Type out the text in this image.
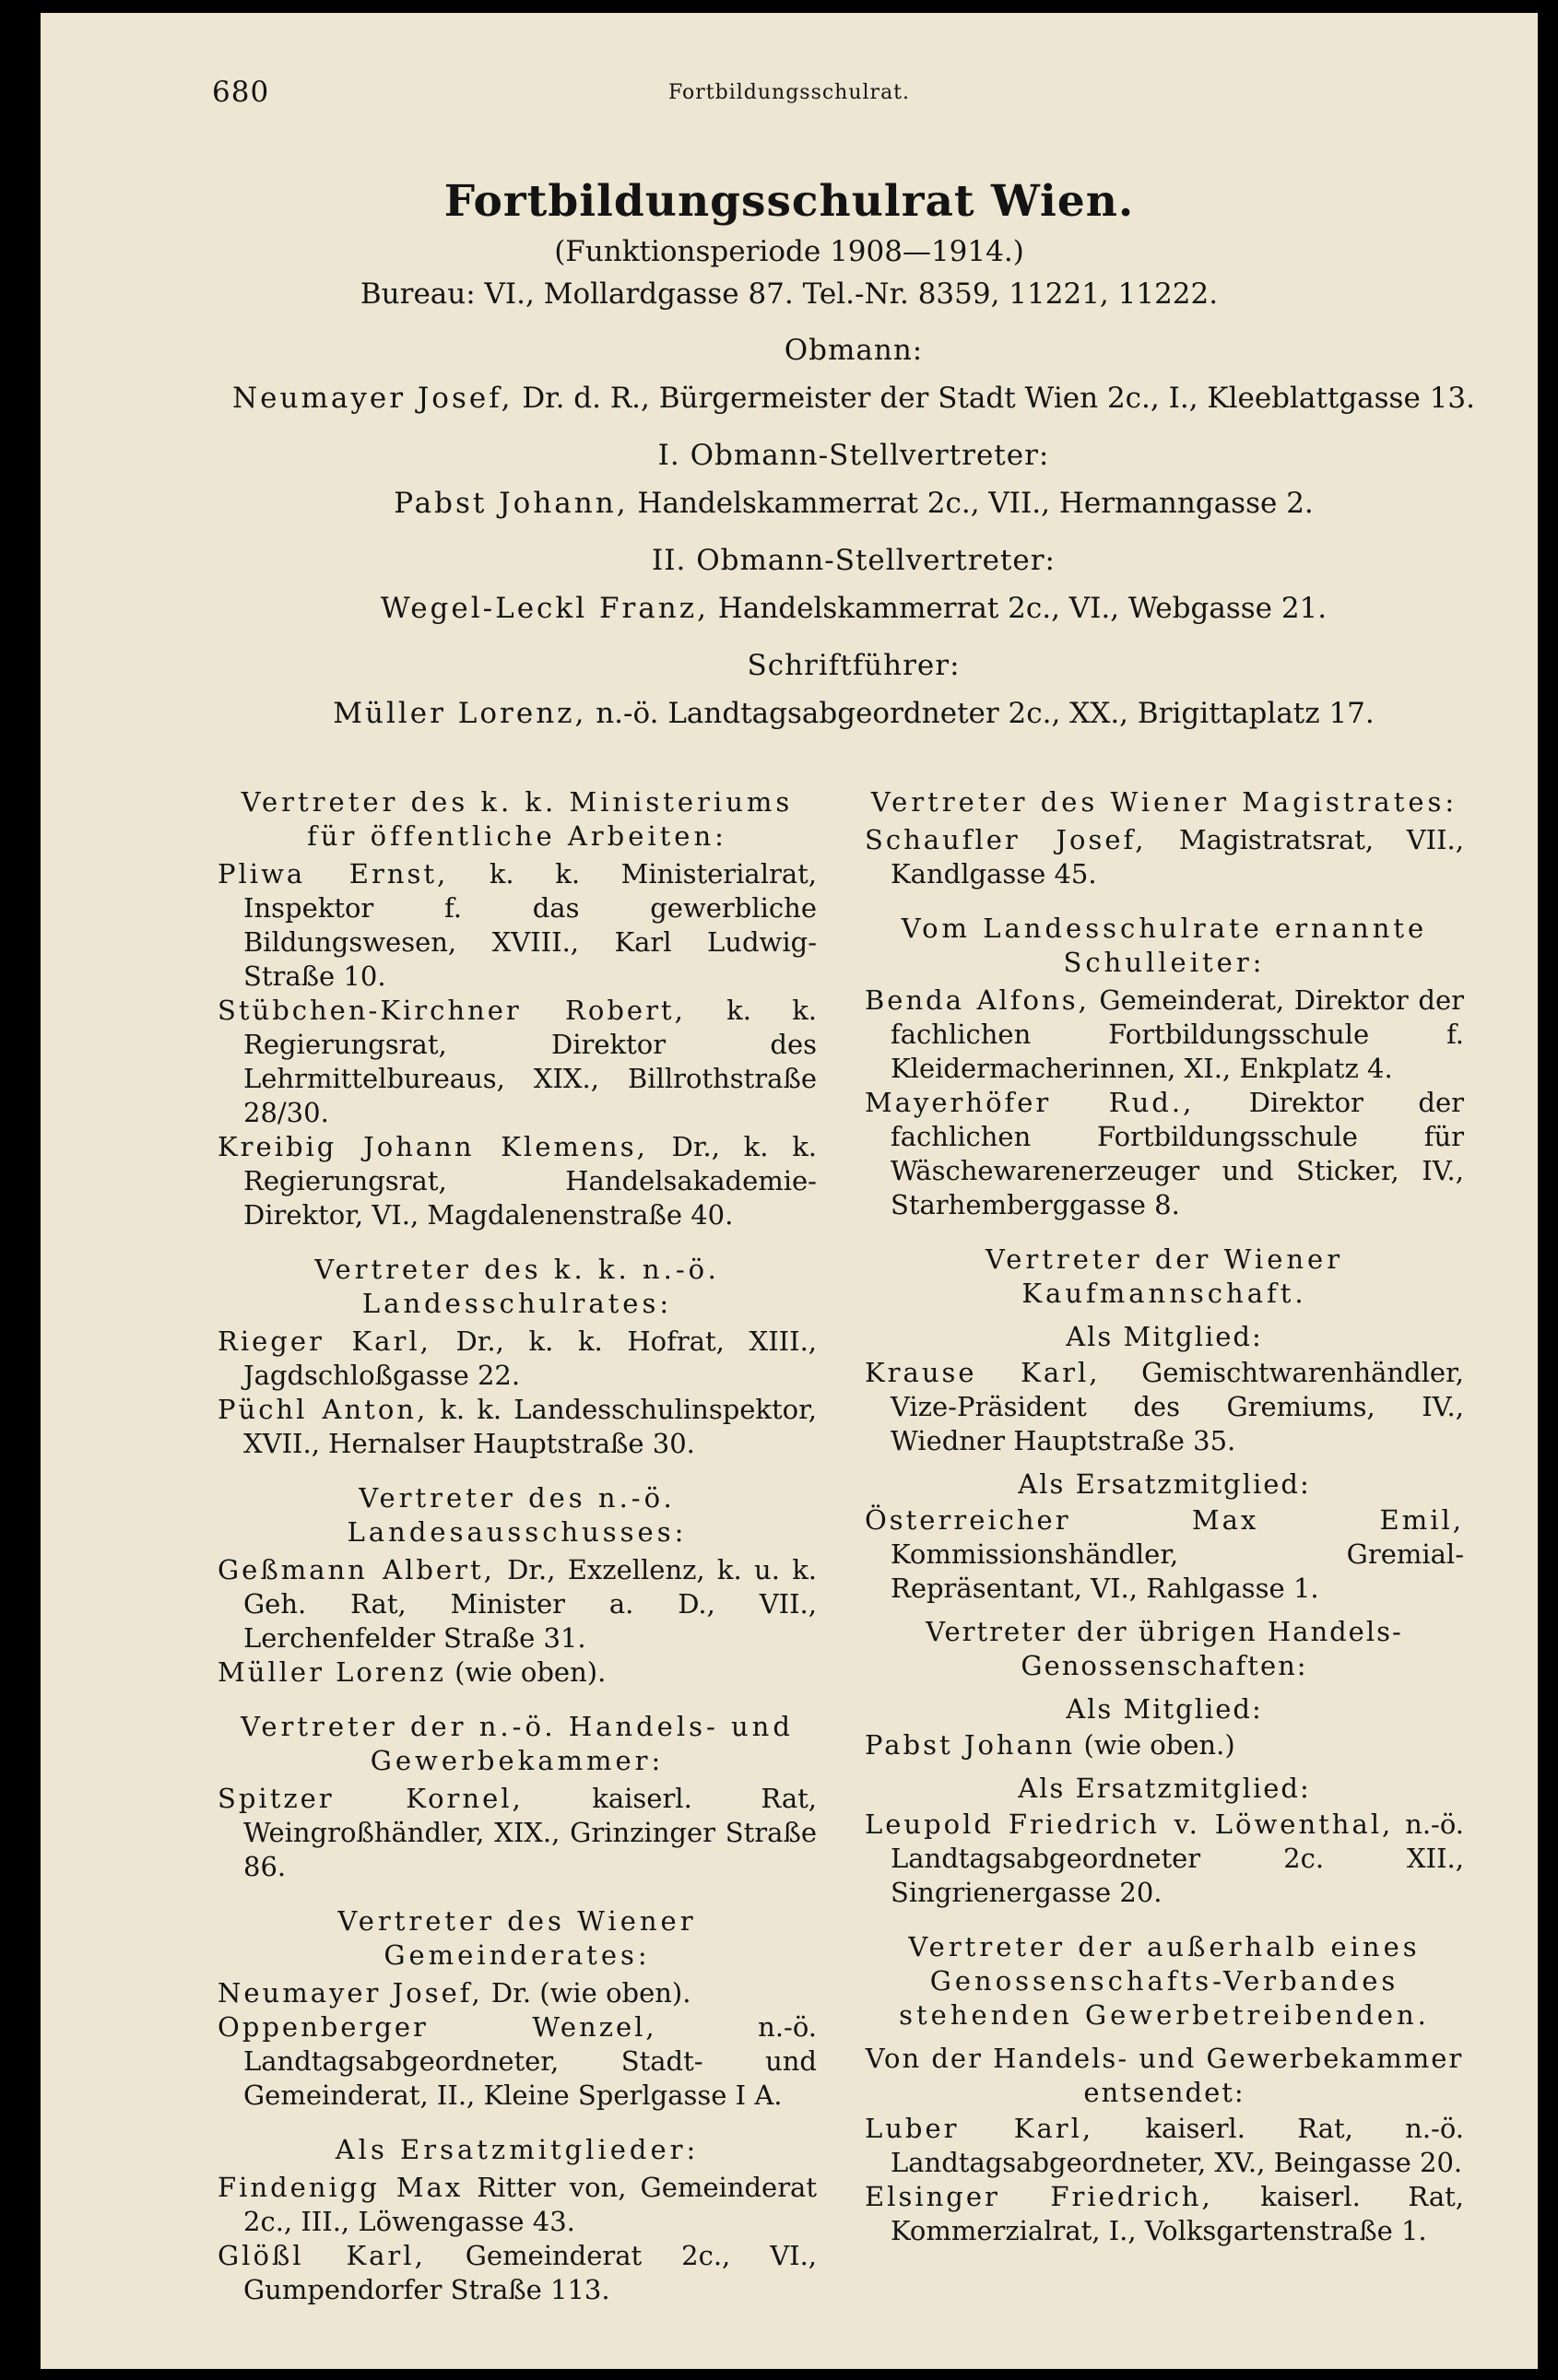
680	Fortbildungsschulrat.
Fortbildungsschulrat Wien.
(Funktionsperiode 1908—1914.)
Bureau: VI., Mollardgasse 87. Tel.-Nr. 8359, 11221, 11222.
Obmann:
Neumayer Josef, Dr. d. R., Bürgermeister der Stadt Wien 2c., I., Kleeblattgasse 13.
I. Obmann-Stellvertreter:
Pabst Johann, Handelskammerrat 2c., VII., Hermanngasse 2.
II. Obmann-Stellvertreter:
Wegel-Leckl Franz, Handelskammerrat 2c., VI., Webgasse 21.
Schriftführer:
Müller Lorenz, n.-ö. Landtagsabgeordneter 2c., XX., Brigittaplatz 17.
Vertreter des k. k. Ministeriums für öffentliche Arbeiten:
Pliwa Ernst, k. k. Ministerialrat, Inspektor f. das gewerbliche Bildungswesen, XVIII., Karl Ludwig-Straße 10.
Stübchen-Kirchner Robert, k. k. Regierungsrat, Direktor des Lehrmittelbureaus, XIX., Billrothstraße 28/30.
Kreibig Johann Klemens, Dr., k. k. Regierungsrat, Handelsakademie-Direktor, VI., Magdalenenstraße 40.
Vertreter des k. k. n.-ö. Landesschulrates:
Rieger Karl, Dr., k. k. Hofrat, XIII., Jagdschloßgasse 22.
Püchl Anton, k. k. Landesschulinspektor, XVII., Hernalser Hauptstraße 30.
Vertreter des n.-ö. Landesausschusses:
Geßmann Albert, Dr., Exzellenz, k. u. k. Geh. Rat, Minister a. D., VII., Lerchenfelder Straße 31.
Müller Lorenz (wie oben).
Vertreter der n.-ö. Handels- und Gewerbekammer:
Spitzer Kornel,	kaiserl. Rat, Weingroßhändler, XIX., Grinzinger Straße 86.
Vertreter des Wiener Gemeinderates:
Neumayer Josef, Dr. (wie oben).
Oppenberger Wenzel,	n.-ö. Landtagsabgeordneter, Stadt- und Gemeinderat, II., Kleine Sperlgasse I A.
Als Ersatzmitglieder:
Findenigg Max Ritter von, Gemeinderat 2c., III., Löwengasse 43.
Glößl Karl, Gemeinderat 2c., VI., Gumpendorfer Straße 113.
Vertreter des Wiener Magistrates:
Schaufler Josef, Magistratsrat, VII., Kandlgasse 45.
Vom Landesschulrate ernannte Schulleiter:
Benda Alfons, Gemeinderat, Direktor der fachlichen Fortbildungsschule f. Kleidermacherinnen, XI., Enkplatz 4.
Mayerhöfer Rud., Direktor der fachlichen Fortbildungsschule für Wäschewarenerzeuger und Sticker, IV., Starhemberggasse 8.
Vertreter der Wiener Kaufmannschaft.
Als Mitglied:
Krause Karl, Gemischtwarenhändler, Vize-Präsident des Gremiums, IV., Wiedner Hauptstraße 35.
Als Ersatzmitglied:
Österreicher Max Emil, Kommissionshändler, Gremial-Repräsentant, VI., Rahlgasse 1.
Vertreter der übrigen Handels-Genossenschaften:
Als Mitglied:
Pabst Johann (wie oben.)
Als Ersatzmitglied:
Leupold Friedrich v. Löwenthal, n.-ö. Landtagsabgeordneter 2c. XII., Singrienergasse 20.
Vertreter der außerhalb eines Genossenschafts-Verbandes stehenden Gewerbetreibenden.
Von der Handels- und Gewerbekammer entsendet:
Luber Karl, kaiserl. Rat, n.-ö. Landtagsabgeordneter, XV., Beingasse 20.
Elsinger Friedrich, kaiserl. Rat, Kommerzialrat, I., Volksgartenstraße 1.
